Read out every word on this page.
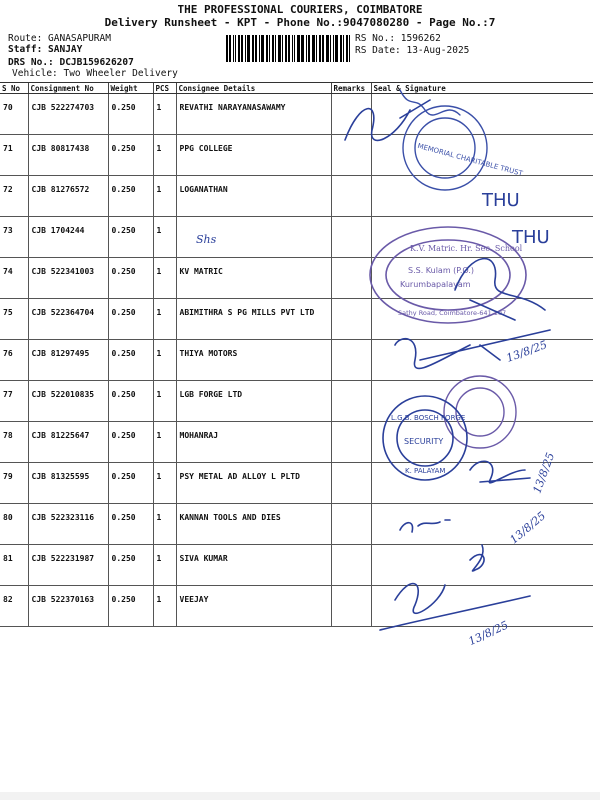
THE PROFESSIONAL COURIERS, COIMBATORE
Delivery Runsheet - KPT - Phone No.:9047080280 - Page No.:7
Route: GANASAPURAM
Staff: SANJAY
DRS No.: DCJB159626207
Vehicle: Two Wheeler Delivery
RS No.: 1596262
RS Date: 13-Aug-2025
S No	Consignment No	Weight	PCS	Consignee Details	Remarks	Seal & Signature
70	CJB 522274703	0.250	1	REVATHI NARAYANASAWAMY		
71	CJB 80817438	0.250	1	PPG COLLEGE		
72	CJB 81276572	0.250	1	LOGANATHAN		
73	CJB 1704244	0.250	1			
74	CJB 522341003	0.250	1	KV MATRIC		
75	CJB 522364704	0.250	1	ABIMITHRA S PG MILLS PVT LTD		
76	CJB 81297495	0.250	1	THIYA MOTORS		
77	CJB 522010835	0.250	1	LGB FORGE LTD		
78	CJB 81225647	0.250	1	MOHANRAJ		
79	CJB 81325595	0.250	1	PSY METAL AD ALLOY L PLTD		
80	CJB 522323116	0.250	1	KANNAN TOOLS AND DIES		
81	CJB 522231987	0.250	1	SIVA KUMAR		
82	CJB 522370163	0.250	1	VEEJAY		
MEMORIAL CHARITABLE TRUST
THU
Shs	THU
K.V. Matric. Hr. Sec. School
S.S. Kulam (P.O.)
Kurumbapalayam
Sathy Road, Coimbatore-641 107
13/8/25
L.G.B. BOSCH FORGE
SECURITY
K. PALAYAM	13/8/25
13/8/25
13/8/25
